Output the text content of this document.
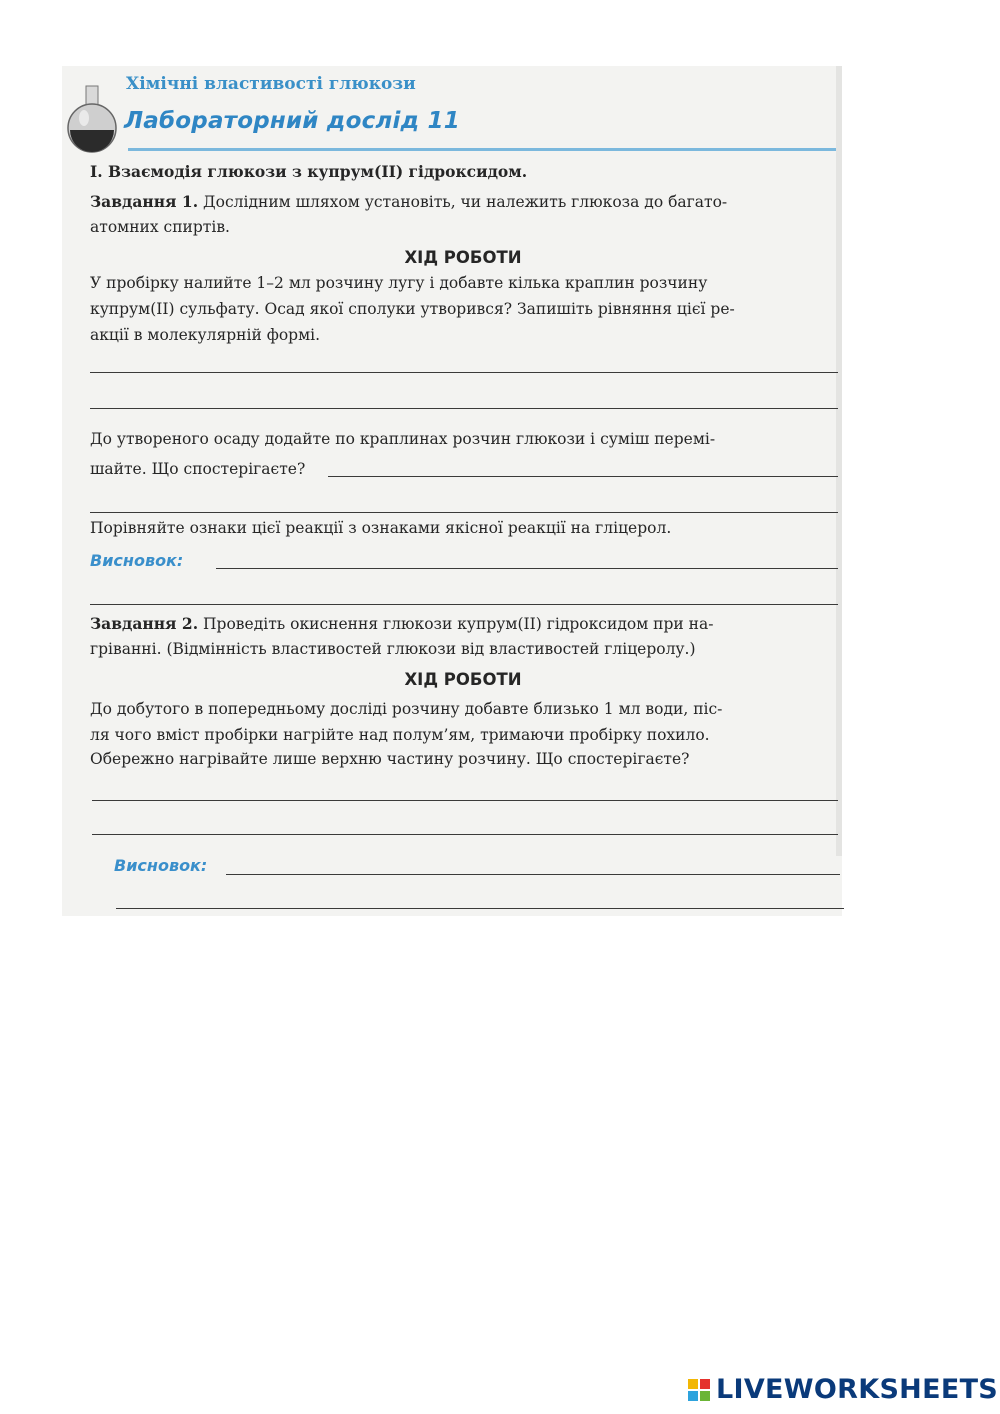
Хімічні властивості глюкози
Лабораторний дослід 11
І. Взаємодія глюкози з купрум(ІІ) гідроксидом.
Завдання 1. Дослідним шляхом установіть, чи належить глюкоза до багато-
атомних спиртів.
ХІД РОБОТИ
У пробірку налийте 1–2 мл розчину лугу і добавте кілька краплин розчину
купрум(ІІ) сульфату. Осад якої сполуки утворився? Запишіть рівняння цієї ре-
акції в молекулярній формі.
До утвореного осаду додайте по краплинах розчин глюкози і суміш перемі-
шайте. Що спостерігаєте?
Порівняйте ознаки цієї реакції з ознаками якісної реакції на гліцерол.
Висновок:
Завдання 2. Проведіть окиснення глюкози купрум(ІІ) гідроксидом при на-
гріванні. (Відмінність властивостей глюкози від властивостей гліцеролу.)
ХІД РОБОТИ
До добутого в попередньому досліді розчину добавте близько 1 мл води, піс-
ля чого вміст пробірки нагрійте над полум’ям, тримаючи пробірку похило.
Обережно нагрівайте лише верхню частину розчину. Що спостерігаєте?
Висновок:
LIVEWORKSHEETS
